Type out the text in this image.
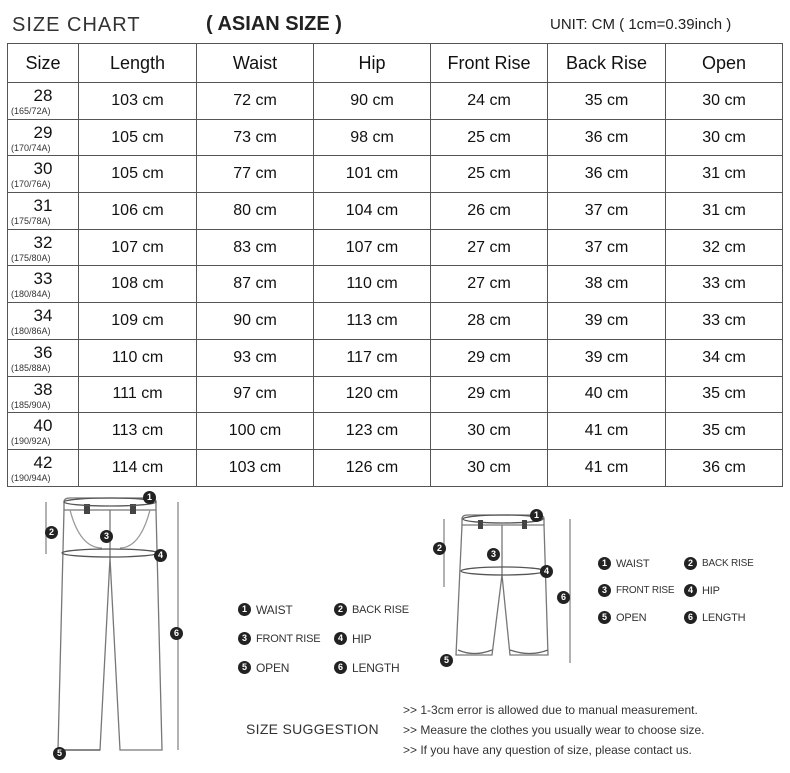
SIZE CHART	( ASIAN SIZE )	UNIT: CM ( 1cm=0.39inch )
Size	Length	Waist	Hip	Front Rise	Back Rise	Open

28
(165/72A)	103 cm	72 cm	90 cm	24 cm	35 cm	30 cm

29
(170/74A)	105 cm	73 cm	98 cm	25 cm	36 cm	30 cm

30
(170/76A)	105 cm	77 cm	101 cm	25 cm	36 cm	31 cm

31
(175/78A)	106 cm	80 cm	104 cm	26 cm	37 cm	31 cm

32
(175/80A)	107 cm	83 cm	107 cm	27 cm	37 cm	32 cm

33
(180/84A)	108 cm	87 cm	110 cm	27 cm	38 cm	33 cm

34
(180/86A)	109 cm	90 cm	113 cm	28 cm	39 cm	33 cm

36
(185/88A)	110 cm	93 cm	117 cm	29 cm	39 cm	34 cm

38
(185/90A)	111 cm	97 cm	120 cm	29 cm	40 cm	35 cm

40
(190/92A)	113 cm	100 cm	123 cm	30 cm	41 cm	35 cm

42
(190/94A)	114 cm	103 cm	126 cm	30 cm	41 cm	36 cm
1
2	3
4
6
5
1 WAIST	2 BACK RISE
3 FRONT RISE	4 HIP
5 OPEN	6 LENGTH
1
2
3
4
6
5
1 WAIST	2 BACK RISE
3 FRONT RISE	4 HIP
5 OPEN	6 LENGTH
SIZE SUGGESTION
>> 1-3cm error is allowed due to manual measurement.
>> Measure the clothes you usually wear to choose size.
>> If you have any question of size, please contact us.
